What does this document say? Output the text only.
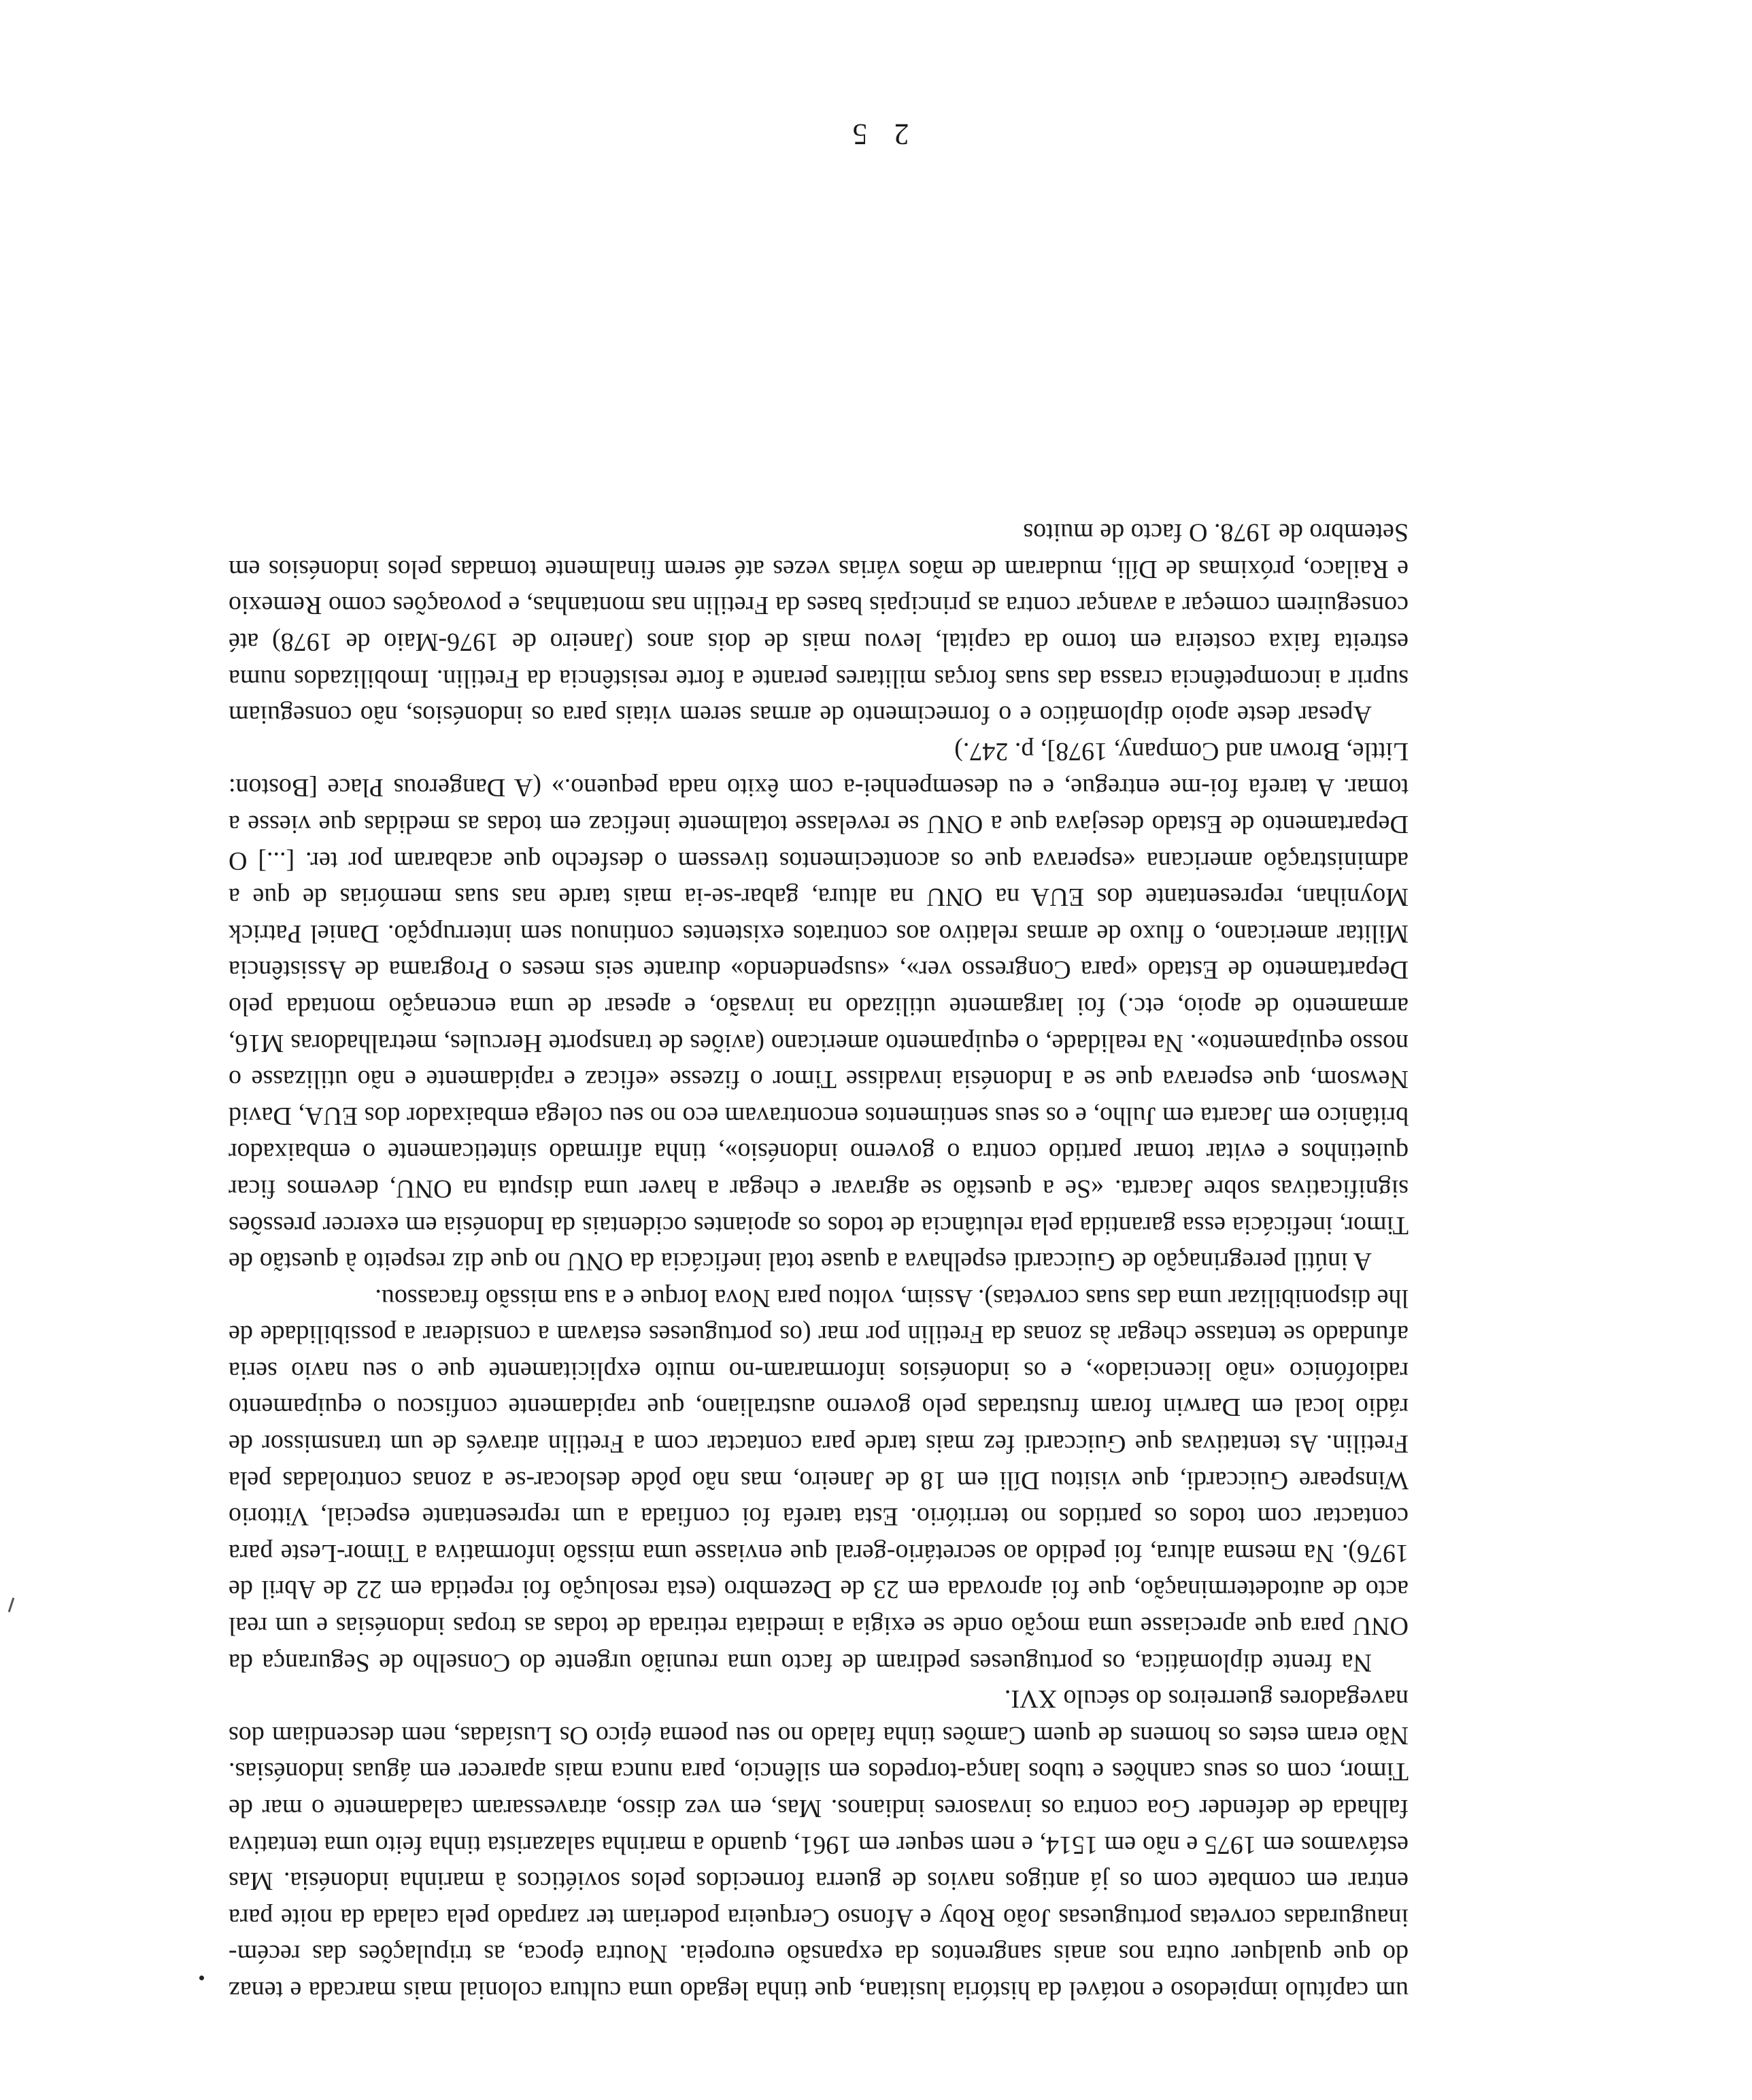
um capítulo impiedoso e notável da história lusitana, que tinha legado uma cultura colonial mais marcada e tenaz do que qualquer outra nos anais sangrentos da expansão europeia. Noutra época, as tripulações das recém-inauguradas corvetas portuguesas João Roby e Afonso Cerqueira poderiam ter zarpado pela calada da noite para entrar em combate com os já antigos navios de guerra fornecidos pelos soviéticos à marinha indonésia. Mas estávamos em 1975 e não em 1514, e nem sequer em 1961, quando a marinha salazarista tinha feito uma tentativa falhada de defender Goa contra os invasores indianos. Mas, em vez disso, atravessaram caladamente o mar de Timor, com os seus canhões e tubos lança-torpedos em silêncio, para nunca mais aparecer em águas indonésias. Não eram estes os homens de quem Camões tinha falado no seu poema épico Os Lusíadas, nem descendiam dos navegadores guerreiros do século XVI.

Na frente diplomática, os portugueses pediram de facto uma reunião urgente do Conselho de Segurança da ONU para que apreciasse uma moção onde se exigia a imediata retirada de todas as tropas indonésias e um real acto de autodeterminação, que foi aprovada em 23 de Dezembro (esta resolução foi repetida em 22 de Abril de 1976). Na mesma altura, foi pedido ao secretário-geral que enviasse uma missão informativa a Timor-Leste para contactar com todos os partidos no território. Esta tarefa foi confiada a um representante especial, Vittorio Winspeare Guiccardi, que visitou Díli em 18 de Janeiro, mas não pôde deslocar-se a zonas controladas pela Fretilin. As tentativas que Guiccardi fez mais tarde para contactar com a Fretilin através de um transmissor de rádio local em Darwin foram frustradas pelo governo australiano, que rapidamente confiscou o equipamento radiofónico «não licenciado», e os indonésios informaram-no muito explicitamente que o seu navio seria afundado se tentasse chegar às zonas da Fretilin por mar (os portugueses estavam a considerar a possibilidade de lhe disponibilizar uma das suas corvetas). Assim, voltou para Nova Iorque e a sua missão fracassou.

A inútil peregrinação de Guiccardi espelhava a quase total ineficácia da ONU no que diz respeito à questão de Timor, ineficácia essa garantida pela relutância de todos os apoiantes ocidentais da Indonésia em exercer pressões significativas sobre Jacarta. «Se a questão se agravar e chegar a haver uma disputa na ONU, devemos ficar quietinhos e evitar tomar partido contra o governo indonésio», tinha afirmado sinteticamente o embaixador britânico em Jacarta em Julho, e os seus sentimentos encontravam eco no seu colega embaixador dos EUA, David Newsom, que esperava que se a Indonésia invadisse Timor o fizesse «eficaz e rapidamente e não utilizasse o nosso equipamento». Na realidade, o equipamento americano (aviões de transporte Hercules, metralhadoras M16, armamento de apoio, etc.) foi largamente utilizado na invasão, e apesar de uma encenação montada pelo Departamento de Estado «para Congresso ver», «suspendendo» durante seis meses o Programa de Assistência Militar americano, o fluxo de armas relativo aos contratos existentes continuou sem interrupção. Daniel Patrick Moynihan, representante dos EUA na ONU na altura, gabar-se-ia mais tarde nas suas memórias de que a administração americana «esperava que os acontecimentos tivessem o desfecho que acabaram por ter. [...] O Departamento de Estado desejava que a ONU se revelasse totalmente ineficaz em todas as medidas que viesse a tomar. A tarefa foi-me entregue, e eu desempenhei-a com êxito nada pequeno.» (A Dangerous Place [Boston: Little, Brown and Company, 1978], p. 247.)

Apesar deste apoio diplomático e o fornecimento de armas serem vitais para os indonésios, não conseguiam suprir a incompetência crassa das suas forças militares perante a forte resistência da Fretilin. Imobilizados numa estreita faixa costeira em torno da capital, levou mais de dois anos (Janeiro de 1976-Maio de 1978) até conseguirem começar a avançar contra as principais bases da Fretilin nas montanhas, e povoações como Remexio e Railaco, próximas de Díli, mudaram de mãos várias vezes até serem finalmente tomadas pelos indonésios em Setembro de 1978. O facto de muitos

2 5
